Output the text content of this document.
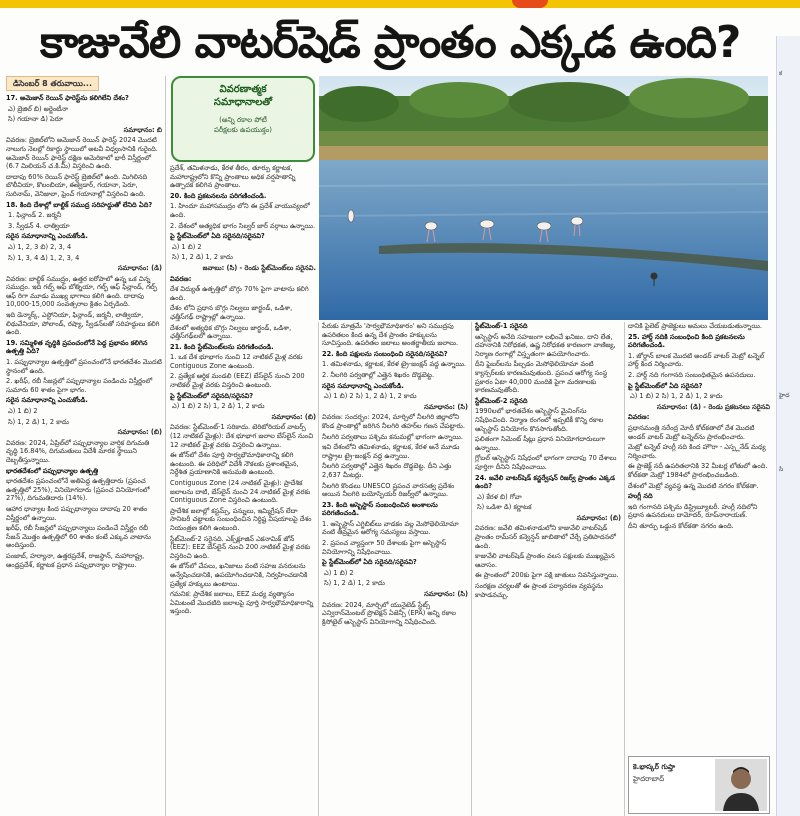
కాజువేలి వాటర్‌షెడ్ ప్రాంతం ఎక్కడ ఉంది?
డిసెంబర్ 8 తరువాయి...

17. అమెజాన్ రెయిన్ ఫారెస్ట్‌ను కలిగిలేని దేశం?

ఎ) బ్రెజిల్ బి) అర్జెంటీనా

సి) గయానా డి) పెరూ

సమాధానం: బి

వివరణ: బ్రెజిల్‌లోని అమెజాన్ రెయిన్ ఫారెస్ట్ 2024 మొదటి నాలుగు నెలల్లో రికార్డు స్థాయిలో అటవీ విధ్వంసానికి గురైంది. అమెజాన్ రెయిన్ ఫారెస్ట్ దక్షిణ అమెరికాలో భారీ విస్తీర్ణంలో (6.7 మిలియన్ చ.కి.మీ) విస్తరించి ఉంది.

దాదాపు 60% రెయిన్ ఫారెస్ట్ బ్రెజిల్‌లో ఉంది. మిగిలినది బొలీవియా, కొలంబియా, ఈక్వెడార్, గయానా, పెరూ, సురినామ్, వెనిజులా, ఫ్రెంచ్ గయానాల్లో విస్తరించి ఉంది.

18. కింది దేశాల్లో బాల్టిక్ సముద్ర సరిహద్దుతో లేనిది ఏది?

1. ఫిన్లాండ్ 2. జర్మనీ

3. స్వీడన్ 4. లాత్వియా

సరైన సమాధానాన్ని ఎంచుకోండి.

ఎ) 1, 2, 3 బి) 2, 3, 4

సి) 1, 3, 4 డి) 1, 2, 3, 4

సమాధానం: (డి)

వివరణ: బాల్టిక్ సముద్రం, ఉత్తర ఐరోపాలో ఉన్న ఒక చిన్న సముద్రం. ఇది గల్ఫ్ ఆఫ్ బోత్నియా, గల్ఫ్ ఆఫ్ ఫిన్లాండ్, గల్ఫ్ ఆఫ్ రిగా మూడు ముఖ్య భాగాలు కలిగి ఉంది. దాదాపు 10,000-15,000 సంవత్సరాల క్రితం ఏర్పడింది.

ఇది డెన్మార్క్, ఎస్టోనియా, ఫిన్లాండ్, జర్మనీ, లాత్వియా, లిథువేనియా, పోలాండ్, రష్యా, స్వీడన్‌లతో సరిహద్దులు కలిగి ఉంది.

19. సమ్మిళిత వృద్ధికి ప్రపంచంలోనే పెద్ద ప్రభావం కలిగిన ఉత్పత్తి ఏది?

1. పప్పుధాన్యాల ఉత్పత్తిలో ప్రపంచంలోనే భారతదేశం మొదటి స్థానంలో ఉంది.

2. ఖరీఫ్, రబీ సీజన్లలో పప్పుధాన్యాల పండించు విస్తీర్ణంలో సుమారు 60 శాతం పైగా భాగం.

సరైన సమాధానాన్ని ఎంచుకోండి.

ఎ) 1 బి) 2

సి) 1, 2 డి) 1, 2 కాదు

సమాధానం: (బి)

వివరణ: 2024, ఏప్రిల్‌లో పప్పుధాన్యాల వార్షిక దిగుమతి వృద్ధి 16.84%, దిగుమతులు విదేశీ మారక స్థాయిని దెబ్బతీస్తున్నాయి.

భారతదేశంలో పప్పుధాన్యాల ఉత్పత్తి

భారతదేశం ప్రపంచంలోనే అతిపెద్ద ఉత్పత్తిదారు (ప్రపంచ ఉత్పత్తిలో 25%), వినియోగదారు (ప్రపంచ వినియోగంలో 27%), దిగుమతిదారు (14%).

ఆహార ధాన్యాల కింద పప్పుధాన్యాలు దాదాపు 20 శాతం విస్తీర్ణంలో ఉన్నాయి.

ఖరీఫ్, రబీ సీజన్లలో పప్పుధాన్యాలు పండించే విస్తీర్ణం రబీ సీజన్ మొత్తం ఉత్పత్తిలో 60 శాతం కంటే ఎక్కువ వాటాను అందిస్తుంది.

పంజాబ్, హర్యానా, ఉత్తరప్రదేశ్, రాజస్థాన్, మహారాష్ట్ర, ఆంధ్రప్రదేశ్, కర్ణాటక ప్రధాన పప్పుధాన్యాల రాష్ట్రాలు.

వివరణాత్మక
సమాధానాలతో
(అన్ని రకాల పోటీ
పరీక్షలకు ఉపయుక్తం)

ప్రదేశ్, తమిళనాడు, కేరళ తీరం, తూర్పు కర్ణాటక, మహారాష్ట్రలోని కొన్ని ప్రాంతాలు అధిక వర్షపాతాన్ని ఉత్పాదక కలిగిన ప్రాంతాలు.

20. కింది ప్రకటనలను పరిగణించండి.

1. హిందూ మహాసముద్రం లోని ఈ ప్రదేశ్ వాయువ్యంలో ఉంది.

2. దేశంలో అత్యధిక భాగం సిల్వర్ జార్ వర్గాలు ఉన్నాయి.

పై స్టేట్‌మెంట్‌లో ఏది సరైనది/సరైనవి?

ఎ) 1 బి) 2

సి) 1, 2 డి) 1, 2 కాదు

జవాబు: (సి) - రెండు స్టేట్‌మెంట్‌లు సరైనవి.

వివరణ:

దేశ విద్యుత్ ఉత్పత్తిలో బొగ్గు 70% పైగా వాటాను కలిగి ఉంది.

దేశం లోని ప్రధాన బొగ్గు నిల్వలు జార్ఖండ్, ఒడిశా, ఛత్తీస్‌గఢ్ రాష్ట్రాల్లో ఉన్నాయి.

దేశంలో అత్యధిక బొగ్గు నిల్వలు జార్ఖండ్, ఒడిశా, ఛత్తీస్‌గఢ్‌లలో ఉన్నాయి.

21. కింది స్టేట్‌మెంట్‌లను పరిగణించండి.

1. ఒక దేశ భూభాగం నుంచి 12 నాటికల్ మైళ్ల వరకు Contiguous Zone ఉంటుంది.

2. ప్రత్యేక ఆర్థిక మండలి (EEZ) బేస్‌లైన్ నుంచి 200 నాటికల్ మైళ్ల వరకు విస్తరించి ఉంటుంది.

పై స్టేట్‌మెంట్‌లో సరైనది/సరైనవి?

ఎ) 1 బి) 2 సి) 1, 2 డి) 1, 2 కాదు

సమాధానం: (బి)

వివరణ: స్టేట్‌మెంట్-1 సరికాదు. టెరిటోరియల్ వాటర్స్ (12 నాటికల్ మైళ్లు): దేశ భూభాగ జలాల బేస్‌లైన్ నుంచి 12 నాటికల్ మైళ్ల వరకు విస్తరించి ఉన్నాయి.

ఈ జోన్‌లో దేశం పూర్తి సార్వభౌమాధికారాన్ని కలిగి ఉంటుంది. ఈ పరిధిలో విదేశీ నౌకలకు ప్రశాంతమైన, నిర్దేశిత ప్రయాణానికి అనుమతి ఉంటుంది.

Contiguous Zone (24 నాటికల్ మైళ్లు): ప్రాదేశిక జలాలను దాటి, బేస్‌లైన్ నుంచి 24 నాటికల్ మైళ్ల వరకు Contiguous Zone విస్తరించి ఉంటుంది.

ప్రాదేశిక జలాల్లో కస్టమ్స్, పన్నులు, ఇమ్మిగ్రేషన్ లేదా సానిటరీ చట్టాలకు సంబంధించిన నిర్దిష్ట విషయాలపై దేశం నియంత్రణ కలిగి ఉంటుంది.

స్టేట్‌మెంట్-2 సరైనది. ఎక్స్‌క్లూజివ్ ఎకనామిక్ జోన్ (EEZ): EEZ బేస్‌లైన్ నుంచి 200 నాటికల్ మైళ్ల వరకు విస్తరించి ఉంది.

ఈ జోన్‌లో చేపలు, ఖనిజాలు వంటి సహజ వనరులను అన్వేషించడానికి, ఉపయోగించడానికి, నిర్వహించడానికి ప్రత్యేక హక్కులు ఉంటాయి.

గమనిక: ప్రాదేశిక జలాలు, EEZ మధ్య వ్యత్యాసం ఏమిటంటే మొదటిది జలాలపై పూర్తి సార్వభౌమాధికారాన్ని ఇస్తుంది.

పేరుకు మాత్రమే 'సార్వభౌమాధికారం' అని సముద్రపు ఉపరితలం కింద ఉన్న దేశ ప్రాంతం హక్కులను సూచిస్తుంది. ఉపరితల జలాలు అంతర్జాతీయ జలాలు.

22. కింది పక్షులను సంబంధించి సరైనది/సరైనవి?

1. తమిళనాడు, కర్ణాటక, కేరళ ట్రై-జంక్షన్ వద్ద ఉన్నాయి.

2. నీలగిరి పర్వతాల్లో ఎత్తైన శిఖరం దొడ్డబెట్ట.

సరైన సమాధానాన్ని ఎంచుకోండి.

ఎ) 1 బి) 2 సి) 1, 2 డి) 1, 2 కాదు

సమాధానం: (సి)

వివరణ: సందర్భం: 2024, మార్చిలో నీలగిరి జిల్లాలోని కొండ ప్రాంతాల్లో జరిగిన నీలగిరి తహర్‌ల గణన చేపట్టారు.

నీలగిరి పర్వతాలు పశ్చిమ కనుమల్లో భాగంగా ఉన్నాయి.

ఇవి దేశంలోని తమిళనాడు, కర్ణాటక, కేరళ అనే మూడు రాష్ట్రాల ట్రై-జంక్షన్ వద్ద ఉన్నాయి.

నీలగిరి పర్వతాల్లో ఎత్తైన శిఖరం దొడ్డబెట్ట. దీని ఎత్తు 2,637 మీటర్లు.

నీలగిరి కొండలు UNESCO ప్రపంచ వారసత్వ ప్రదేశం అయిన నీలగిరి బయోస్ఫియర్ రిజర్వ్‌లో ఉన్నాయి.

23. కింది ఆస్బెస్టాస్ సంబంధించిన అంశాలను పరిగణించండి.

1. ఆస్బెస్టాస్ ఎగ్జిబిట్‌లు వాడకం వల్ల మెసోథెలియోమా వంటి తీవ్రమైన ఆరోగ్య సమస్యలు వస్తాయి.

2. ప్రపంచ వ్యాప్తంగా 50 దేశాలకు పైగా ఆస్బెస్టాస్ వినియోగాన్ని నిషేధించాయి.

పై స్టేట్‌మెంట్‌లో ఏది సరైనది/సరైనవి?

ఎ) 1 బి) 2

సి) 1, 2 డి) 1, 2 కాదు

సమాధానం: (సి)

వివరణ: 2024, మార్చిలో యునైటెడ్ స్టేట్స్ ఎన్విరాన్‌మెంటల్ ప్రొటెక్షన్ ఏజెన్సీ (EPA) అన్ని రకాల క్రిసోటైల్ ఆస్బెస్టాస్ వినియోగాన్ని నిషేధించింది.

స్టేట్‌మెంట్-1 సరైనది

ఆస్బెస్టాస్ అనేది సహజంగా లభించే ఖనిజం. దాని లేత, దహనానికి నిరోధకత, ఉష్ణ నిరోధకత కారణంగా వాణిజ్య, నిర్మాణ రంగాల్లో విస్తృతంగా ఉపయోగించారు.

దీని ఫైబర్‌లను పీల్చడం మెసోథెలియోమా వంటి క్యాన్సర్‌లకు కారణమవుతుంది. ప్రపంచ ఆరోగ్య సంస్థ ప్రకారం ఏటా 40,000 మందికి పైగా మరణాలకు కారణమవుతోంది.

స్టేట్‌మెంట్-2 సరైనది

1990లలో భారతదేశం ఆస్బెస్టాస్ మైనింగ్‌ను నిషేధించింది. నిర్మాణ రంగంలో ఇప్పటికీ కొన్ని రకాల ఆస్బెస్టాస్ వినియోగం కొనసాగుతోంది.

ఫలితంగా సిమెంట్ షీట్లు ప్రధాన వినియోగదారులుగా ఉన్నాయి.

గ్లోబల్ ఆస్బెస్టాస్ నిషేధంలో భాగంగా దాదాపు 70 దేశాలు పూర్తిగా దీనిని నిషేధించాయి.

24. జవేలి వాటర్‌షెడ్ కన్జర్వేషన్ రిజర్వ్ ప్రాంతం ఎక్కడ ఉంది?

ఎ) కేరళ బి) గోవా

సి) ఒడిశా డి) కర్ణాటక

సమాధానం: (బి)

వివరణ: జవేలి తమిళనాడులోని కాజువేలి వాటర్‌షెడ్ ప్రాంతం రామ్‌సర్ కన్వెన్షన్ జాబితాలో చేర్చే ప్రతిపాదనలో ఉంది.

కాజువేలి వాటర్‌షెడ్ ప్రాంతం వలస పక్షులకు ముఖ్యమైన ఆవాసం.

ఈ ప్రాంతంలో 200కు పైగా పక్షి జాతులు నివసిస్తున్నాయి.

సంరక్షణ చర్యలతో ఈ ప్రాంత పర్యావరణ వ్యవస్థను కాపాడవచ్చు.

దానికి పైలెట్ ప్రాజెక్టులు అమలు చేయబడుతున్నాయి.

25. హార్డ్ నదికి సంబంధించి కింది ప్రకటనలను పరిగణించండి.

1. జోర్డాన్ బాలక మొదటి అండర్ వాటర్ మెట్రో టన్నెల్ హార్డ్ కింద నిర్మించారు.

2. హార్డ్ నది గంగానది సంబంధితమైన ఉపనదులు.

పై స్టేట్‌మెంట్‌లో ఏది సరైనది?

ఎ) 1 బి) 2 సి) 1, 2 డి) 1, 2 కాదు

సమాధానం: (డి) - రెండు ప్రకటనలు సరైనవి

వివరణ:

ప్రధానమంత్రి నరేంద్ర మోదీ కోల్‌కతాలో దేశ మొదటి అండర్ వాటర్ మెట్రో టన్నెల్‌ను ప్రారంభించారు.

మెట్రో టన్నెల్ హుగ్లీ నది కింద హౌరా - ఎస్ప్లనేడ్ మధ్య నిర్మించారు.

ఈ ప్రాజెక్ట్ నదీ ఉపరితలానికి 32 మీటర్ల లోతులో ఉంది. కోల్‌కతా మెట్రో 1984లో ప్రారంభించబడింది.

దేశంలో మెట్రో వ్యవస్థ ఉన్న మొదటి నగరం కోల్‌కతా.

హుగ్లీ నది

ఇది గంగానది పశ్చిమ డిస్ట్రిబ్యూటరీ. హుగ్లీ నదిలోని ప్రధాన ఉపనదులు దామోదర్, రూప్‌నారాయణ్.

దీని తూర్పు ఒడ్డున కోల్‌కతా నగరం ఉంది.

కె.భాస్కర్ గుప్తా
హైదరాబాద్
క
హైద
సి
